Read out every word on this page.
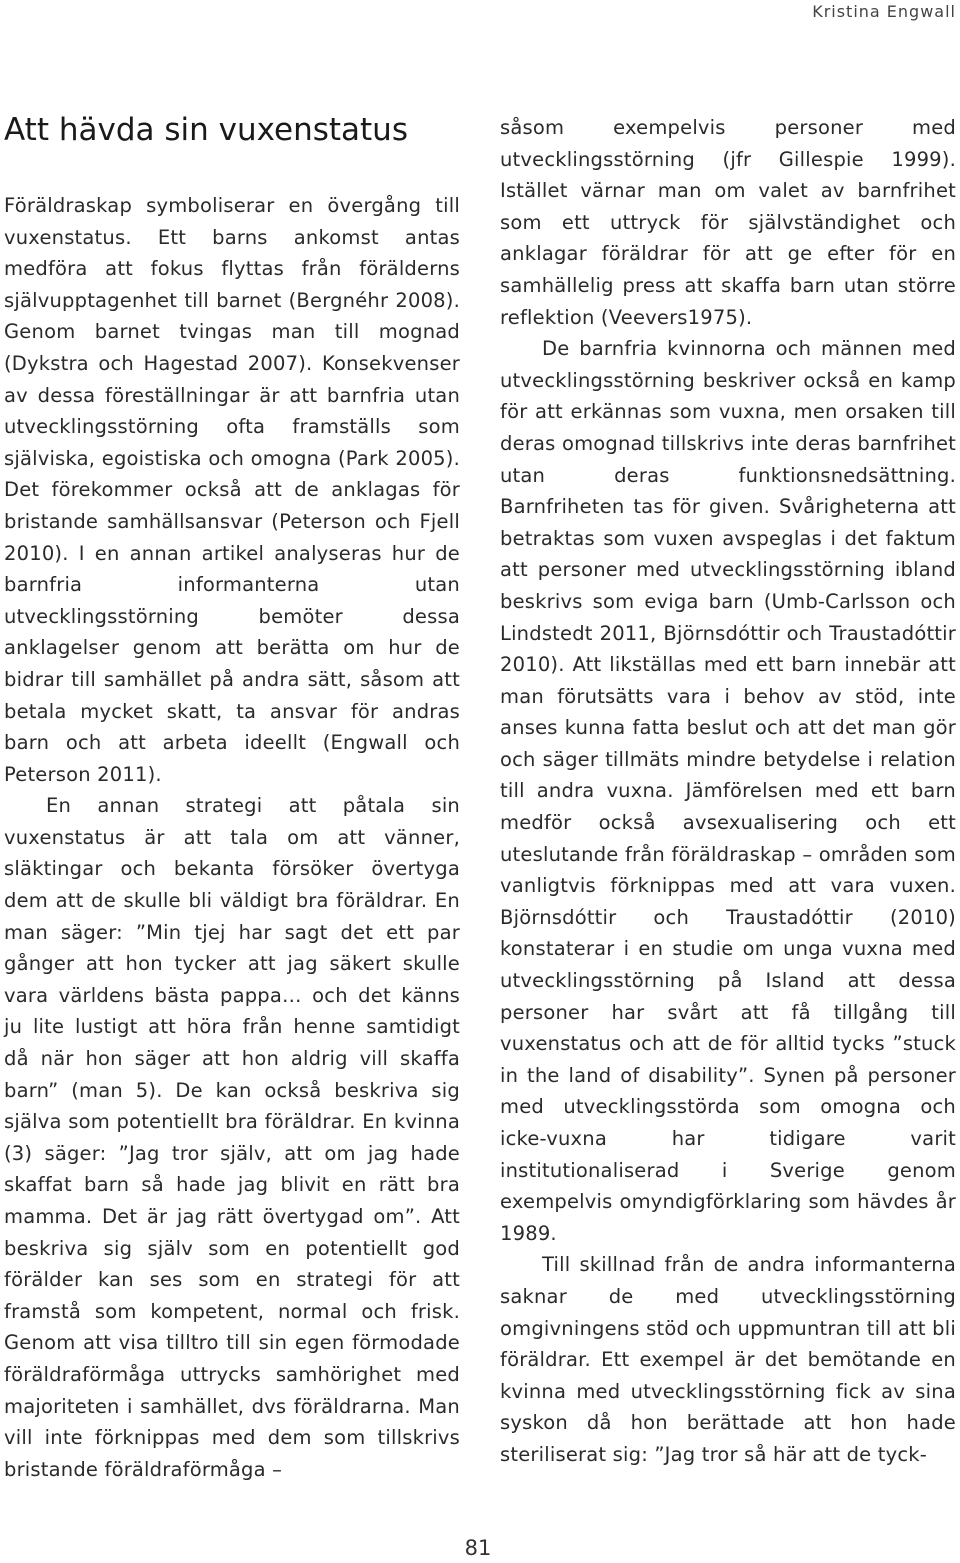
Kristina Engwall
Att hävda sin vuxenstatus

Föräldraskap symboliserar en övergång till vuxenstatus. Ett barns ankomst antas medföra att fokus flyttas från förälderns självupptagenhet till barnet (Bergnéhr 2008). Genom barnet tvingas man till mognad (Dykstra och Hagestad 2007). Konsekvenser av dessa föreställningar är att barnfria utan utvecklingsstörning ofta framställs som själviska, egoistiska och omogna (Park 2005). Det förekommer också att de anklagas för bristande samhällsansvar (Peterson och Fjell 2010). I en annan artikel analyseras hur de barnfria informanterna utan utvecklingsstörning bemöter dessa anklagelser genom att berätta om hur de bidrar till samhället på andra sätt, såsom att betala mycket skatt, ta ansvar för andras barn och att arbeta ideellt (Engwall och Peterson 2011).

En annan strategi att påtala sin vuxenstatus är att tala om att vänner, släktingar och bekanta försöker övertyga dem att de skulle bli väldigt bra föräldrar. En man säger: ”Min tjej har sagt det ett par gånger att hon tycker att jag säkert skulle vara världens bästa pappa… och det känns ju lite lustigt att höra från henne samtidigt då när hon säger att hon aldrig vill skaffa barn” (man 5). De kan också beskriva sig själva som potentiellt bra föräldrar. En kvinna (3) säger: ”Jag tror själv, att om jag hade skaffat barn så hade jag blivit en rätt bra mamma. Det är jag rätt övertygad om”. Att beskriva sig själv som en potentiellt god förälder kan ses som en strategi för att framstå som kompetent, normal och frisk. Genom att visa tilltro till sin egen förmodade föräldraförmåga uttrycks samhörighet med majoriteten i samhället, dvs föräldrarna. Man vill inte förknippas med dem som tillskrivs bristande föräldraförmåga –

såsom exempelvis personer med utvecklingsstörning (jfr Gillespie 1999). Istället värnar man om valet av barnfrihet som ett uttryck för självständighet och anklagar föräldrar för att ge efter för en samhällelig press att skaffa barn utan större reflektion (Veevers1975).

De barnfria kvinnorna och männen med utvecklingsstörning beskriver också en kamp för att erkännas som vuxna, men orsaken till deras omognad tillskrivs inte deras barnfrihet utan deras funktionsnedsättning. Barnfriheten tas för given. Svårigheterna att betraktas som vuxen avspeglas i det faktum att personer med utvecklingsstörning ibland beskrivs som eviga barn (Umb-Carlsson och Lindstedt 2011, Björnsdóttir och Traustadóttir 2010). Att likställas med ett barn innebär att man förutsätts vara i behov av stöd, inte anses kunna fatta beslut och att det man gör och säger tillmäts mindre betydelse i relation till andra vuxna. Jämförelsen med ett barn medför också avsexualisering och ett uteslutande från föräldraskap – områden som vanligtvis förknippas med att vara vuxen. Björnsdóttir och Traustadóttir (2010) konstaterar i en studie om unga vuxna med utvecklingsstörning på Island att dessa personer har svårt att få tillgång till vuxenstatus och att de för alltid tycks ”stuck in the land of disability”. Synen på personer med utvecklingsstörda som omogna och icke-vuxna har tidigare varit institutionaliserad i Sverige genom exempelvis omyndigförklaring som hävdes år 1989.

Till skillnad från de andra informanterna saknar de med utvecklingsstörning omgivningens stöd och uppmuntran till att bli föräldrar. Ett exempel är det bemötande en kvinna med utvecklingsstörning fick av sina syskon då hon berättade att hon hade steriliserat sig: ”Jag tror så här att de tyck-

81
